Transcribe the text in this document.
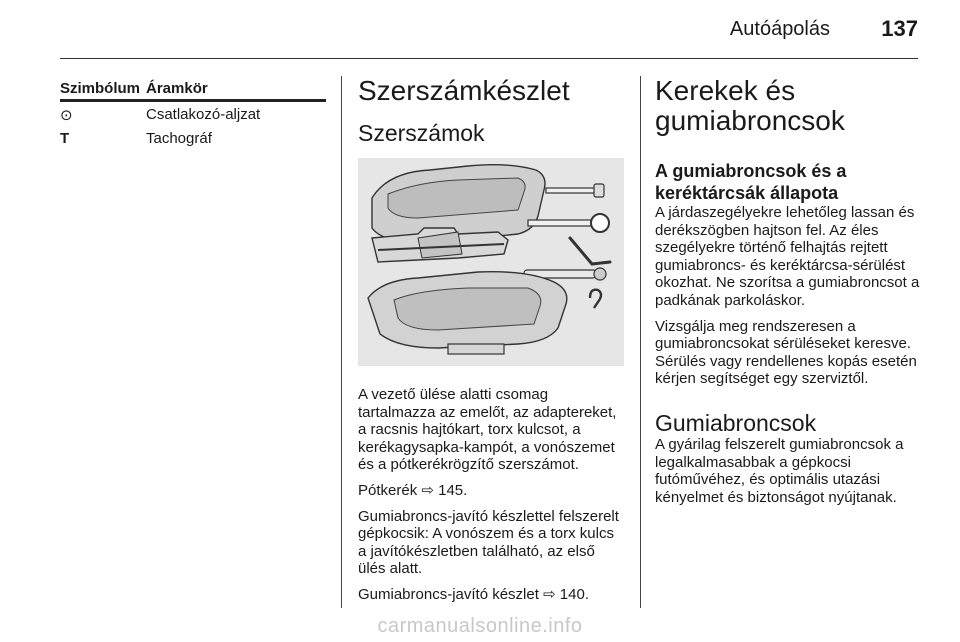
Autóápolás 137
Szimbólum	Áramkör
⊙	Csatlakozó-aljzat
T	Tachográf
Szerszámkészlet
Szerszámok

A vezető ülése alatti csomag tartalmazza az emelőt, az adaptereket, a racsnis hajtókart, torx kulcsot, a kerékagysapka-kampót, a vonószemet és a pótkerékrögzítő szerszámot.

Pótkerék ⇨ 145.

Gumiabroncs-javító készlettel felszerelt gépkocsik: A vonószem és a torx kulcs a javítókészletben található, az első ülés alatt.

Gumiabroncs-javító készlet ⇨ 140.

Kerekek és gumiabroncsok
A gumiabroncsok és a keréktárcsák állapota

A járdaszegélyekre lehetőleg lassan és derékszögben hajtson fel. Az éles szegélyekre történő felhajtás rejtett gumiabroncs- és keréktárcsa-sérülést okozhat. Ne szorítsa a gumiabroncsot a padkának parkoláskor.

Vizsgálja meg rendszeresen a gumiabroncsokat sérüléseket keresve. Sérülés vagy rendellenes kopás esetén kérjen segítséget egy szerviztől.

Gumiabroncsok

A gyárilag felszerelt gumiabroncsok a legalkalmasabbak a gépkocsi futóművéhez, és optimális utazási kényelmet és biztonságot nyújtanak.

carmanualsonline.info
